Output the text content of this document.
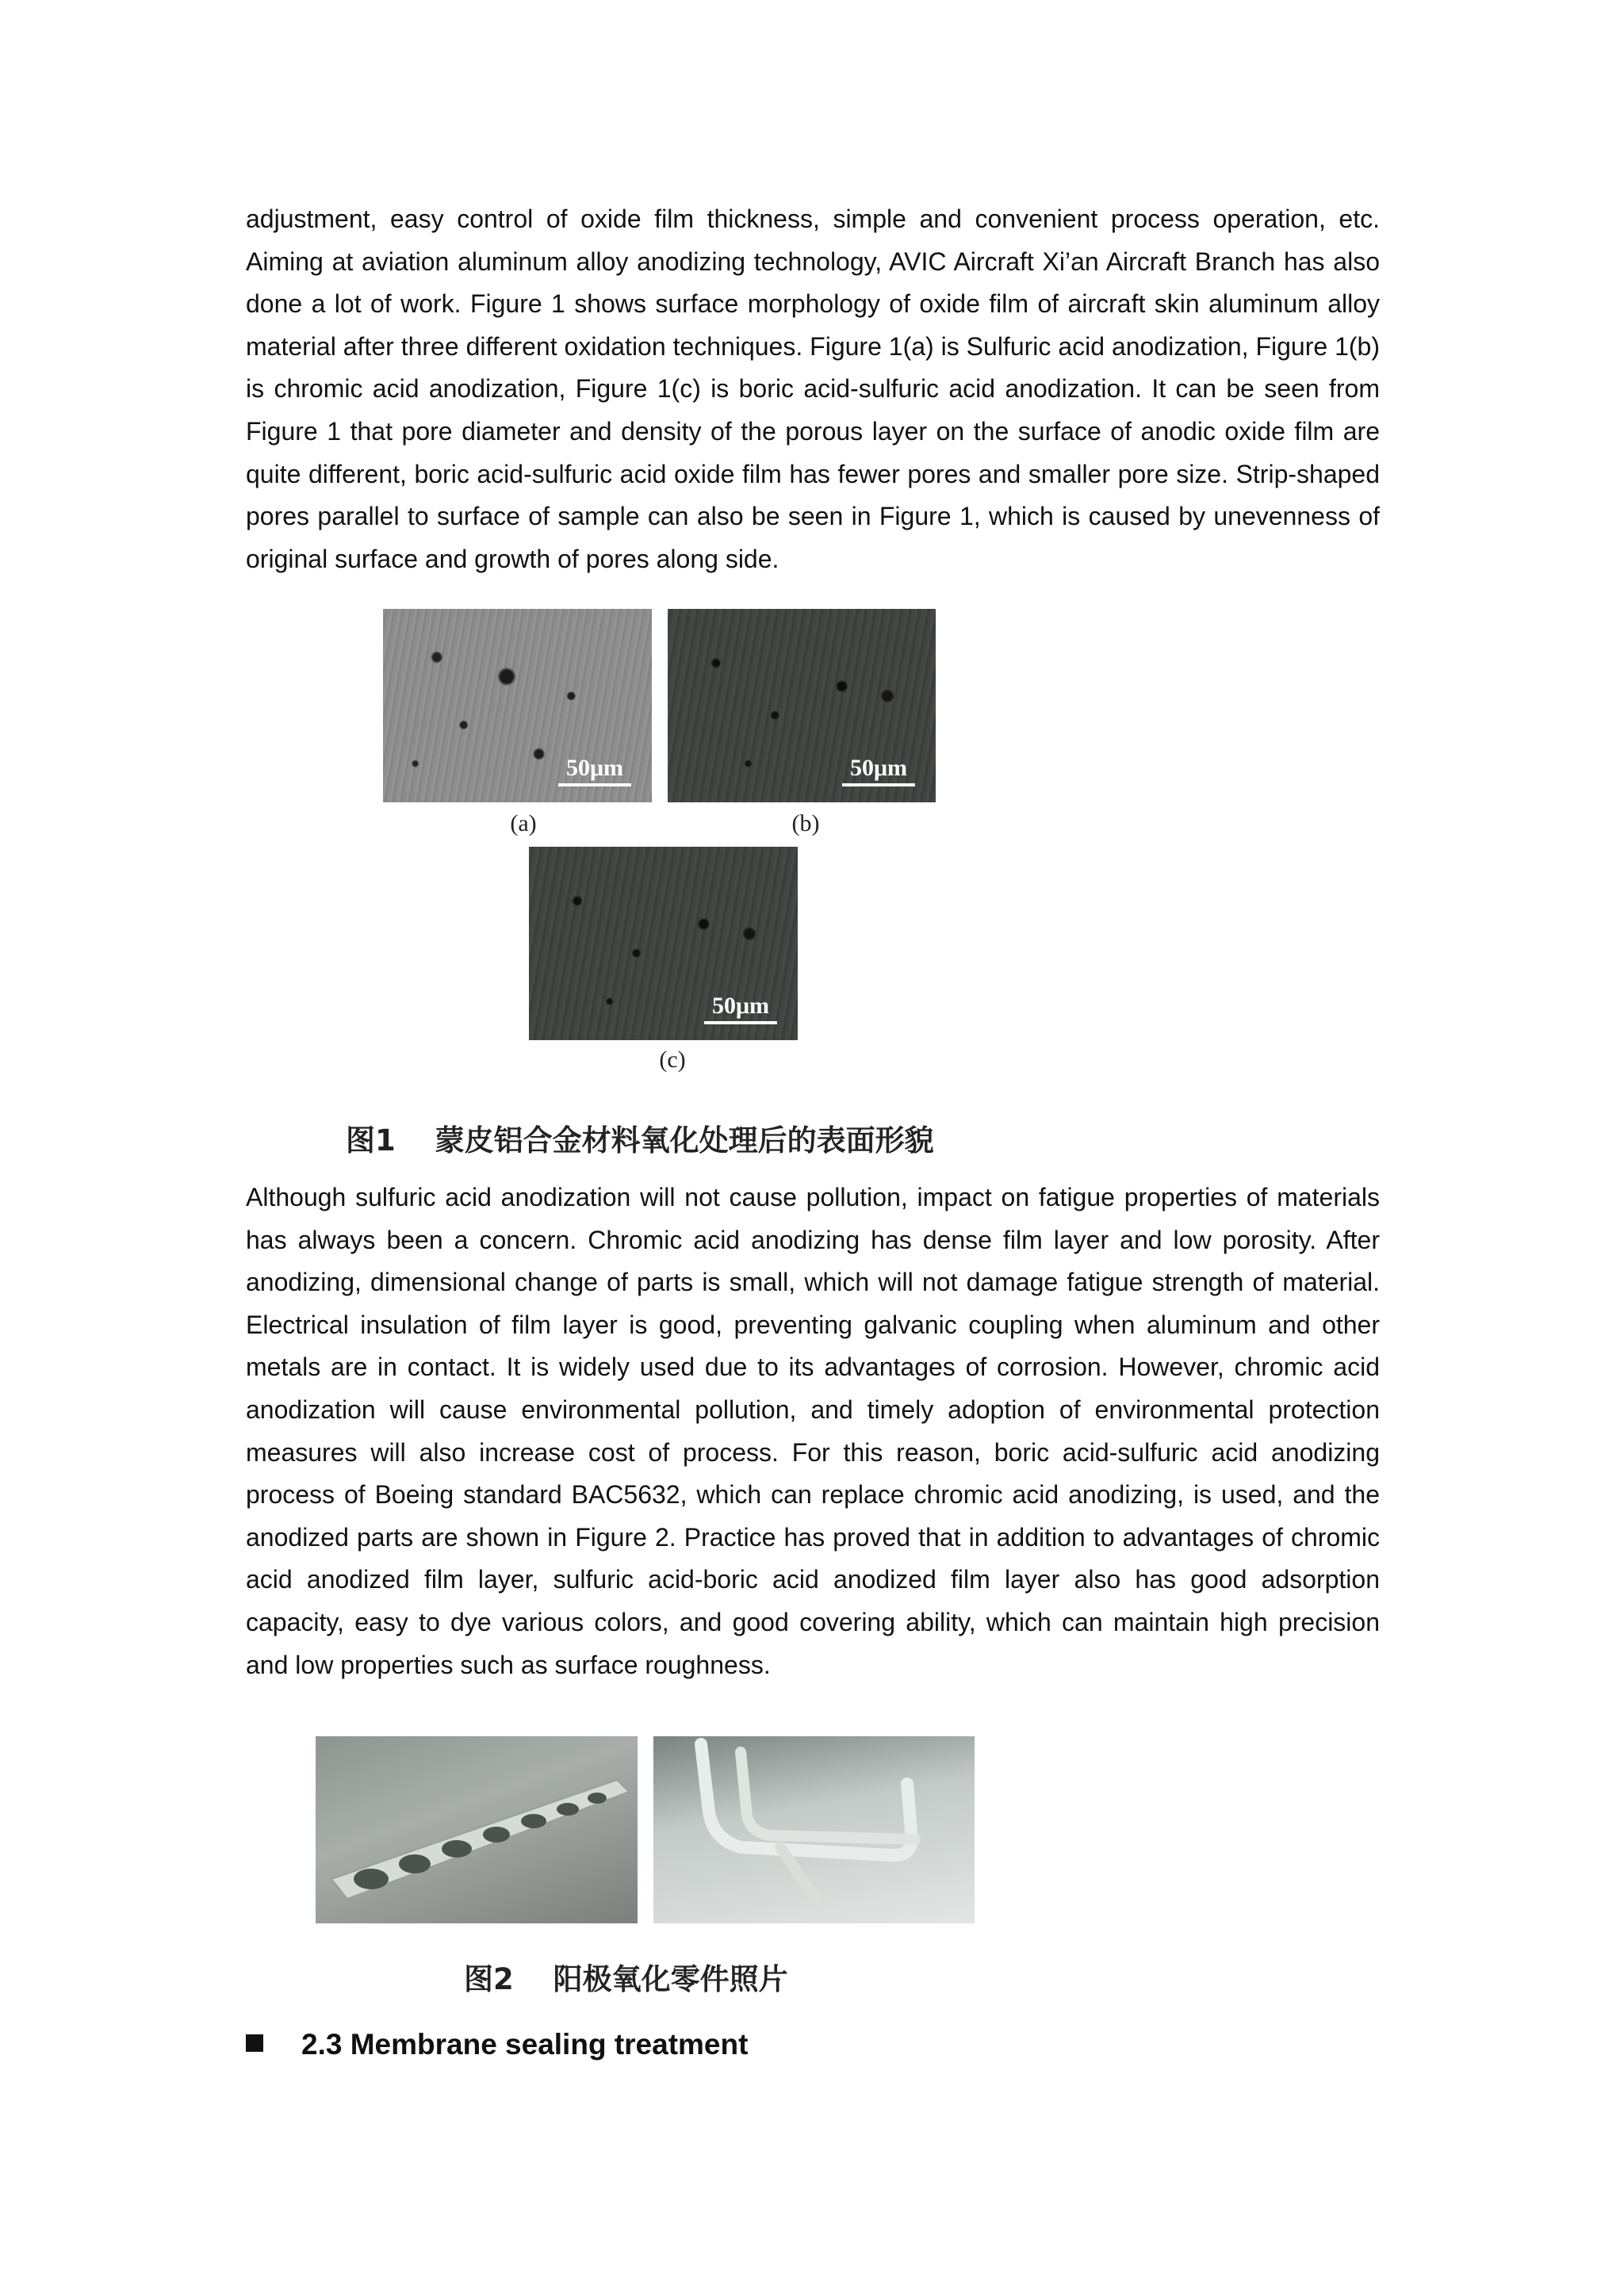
adjustment, easy control of oxide film thickness, simple and convenient process operation, etc. Aiming at aviation aluminum alloy anodizing technology, AVIC Aircraft Xi’an Aircraft Branch has also done a lot of work. Figure 1 shows surface morphology of oxide film of aircraft skin aluminum alloy material after three different oxidation techniques. Figure 1(a) is Sulfuric acid anodization, Figure 1(b) is chromic acid anodization, Figure 1(c) is boric acid-sulfuric acid anodization. It can be seen from Figure 1 that pore diameter and density of the porous layer on the surface of anodic oxide film are quite different, boric acid-sulfuric acid oxide film has fewer pores and smaller pore size. Strip-shaped pores parallel to surface of sample can also be seen in Figure 1, which is caused by unevenness of original surface and growth of pores along side.

50μm	50μm
(a)	(b)
50μm
(c)
图1　 蒙皮铝合金材料氧化处理后的表面形貌

Although sulfuric acid anodization will not cause pollution, impact on fatigue properties of materials has always been a concern. Chromic acid anodizing has dense film layer and low porosity. After anodizing, dimensional change of parts is small, which will not damage fatigue strength of material. Electrical insulation of film layer is good, preventing galvanic coupling when aluminum and other metals are in contact. It is widely used due to its advantages of corrosion. However, chromic acid anodization will cause environmental pollution, and timely adoption of environmental protection measures will also increase cost of process. For this reason, boric acid-sulfuric acid anodizing process of Boeing standard BAC5632, which can replace chromic acid anodizing, is used, and the anodized parts are shown in Figure 2. Practice has proved that in addition to advantages of chromic acid anodized film layer, sulfuric acid-boric acid anodized film layer also has good adsorption capacity, easy to dye various colors, and good covering ability, which can maintain high precision and low properties such as surface roughness.

图2　 阳极氧化零件照片
2.3 Membrane sealing treatment
